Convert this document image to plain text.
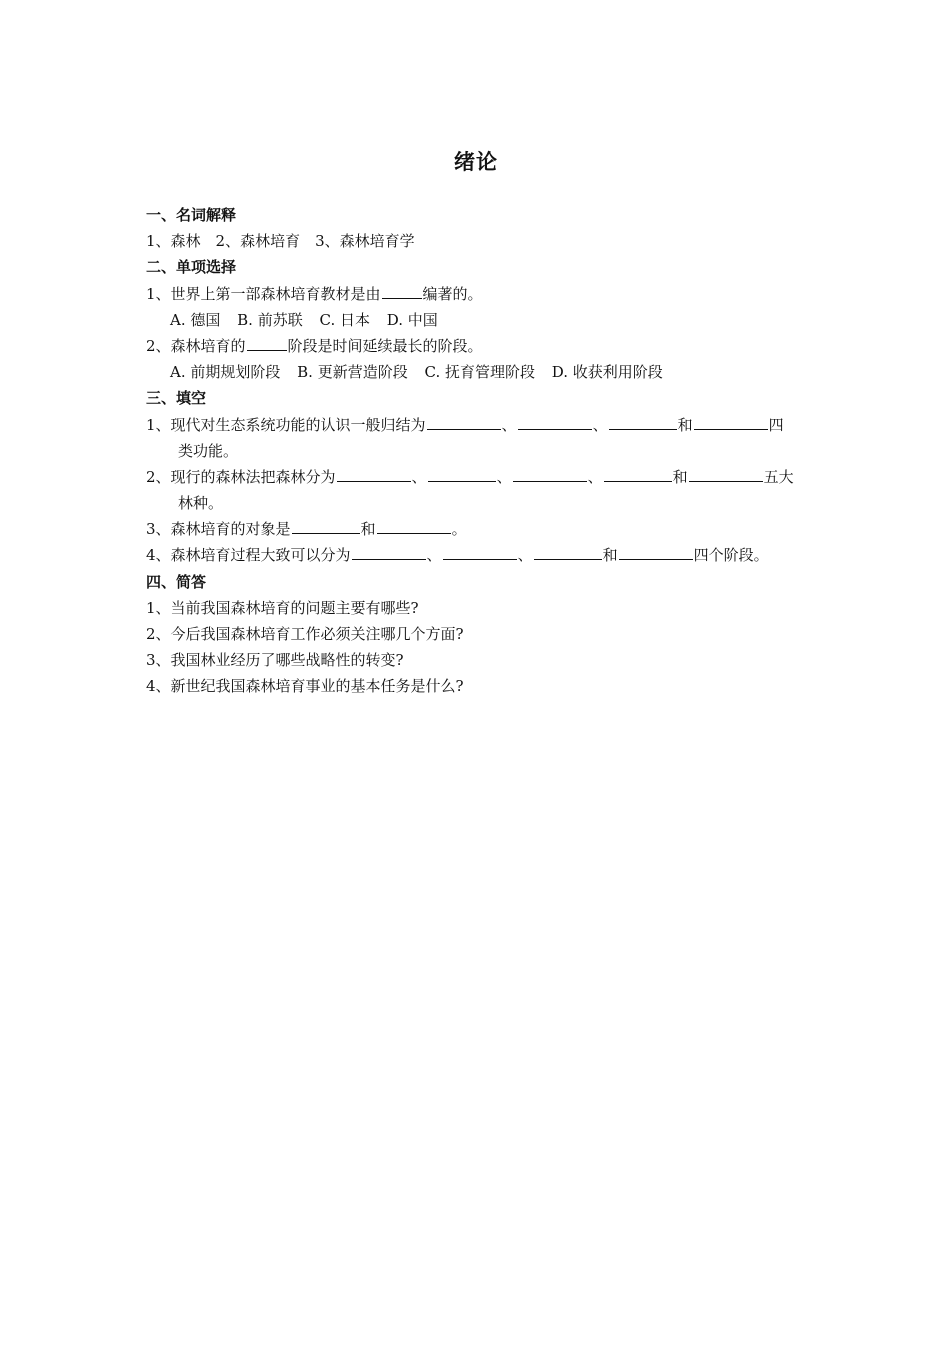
绪论
一、名词解释
1、森林　2、森林培育　3、森林培育学
二、单项选择
1、世界上第一部森林培育教材是由	编著的。
A. 德国 B. 前苏联 C. 日本 D. 中国
2、森林培育的	阶段是时间延续最长的阶段。
A. 前期规划阶段 B. 更新营造阶段 C. 抚育管理阶段 D. 收获利用阶段
三、填空
1、现代对生态系统功能的认识一般归结为	、	、	和	四
类功能。
2、现行的森林法把森林分为	、	、	、	和	五大
林种。
3、森林培育的对象是	和	。
4、森林培育过程大致可以分为	、	、	和	四个阶段。
四、简答
1、当前我国森林培育的问题主要有哪些?
2、今后我国森林培育工作必须关注哪几个方面?
3、我国林业经历了哪些战略性的转变?
4、新世纪我国森林培育事业的基本任务是什么?
